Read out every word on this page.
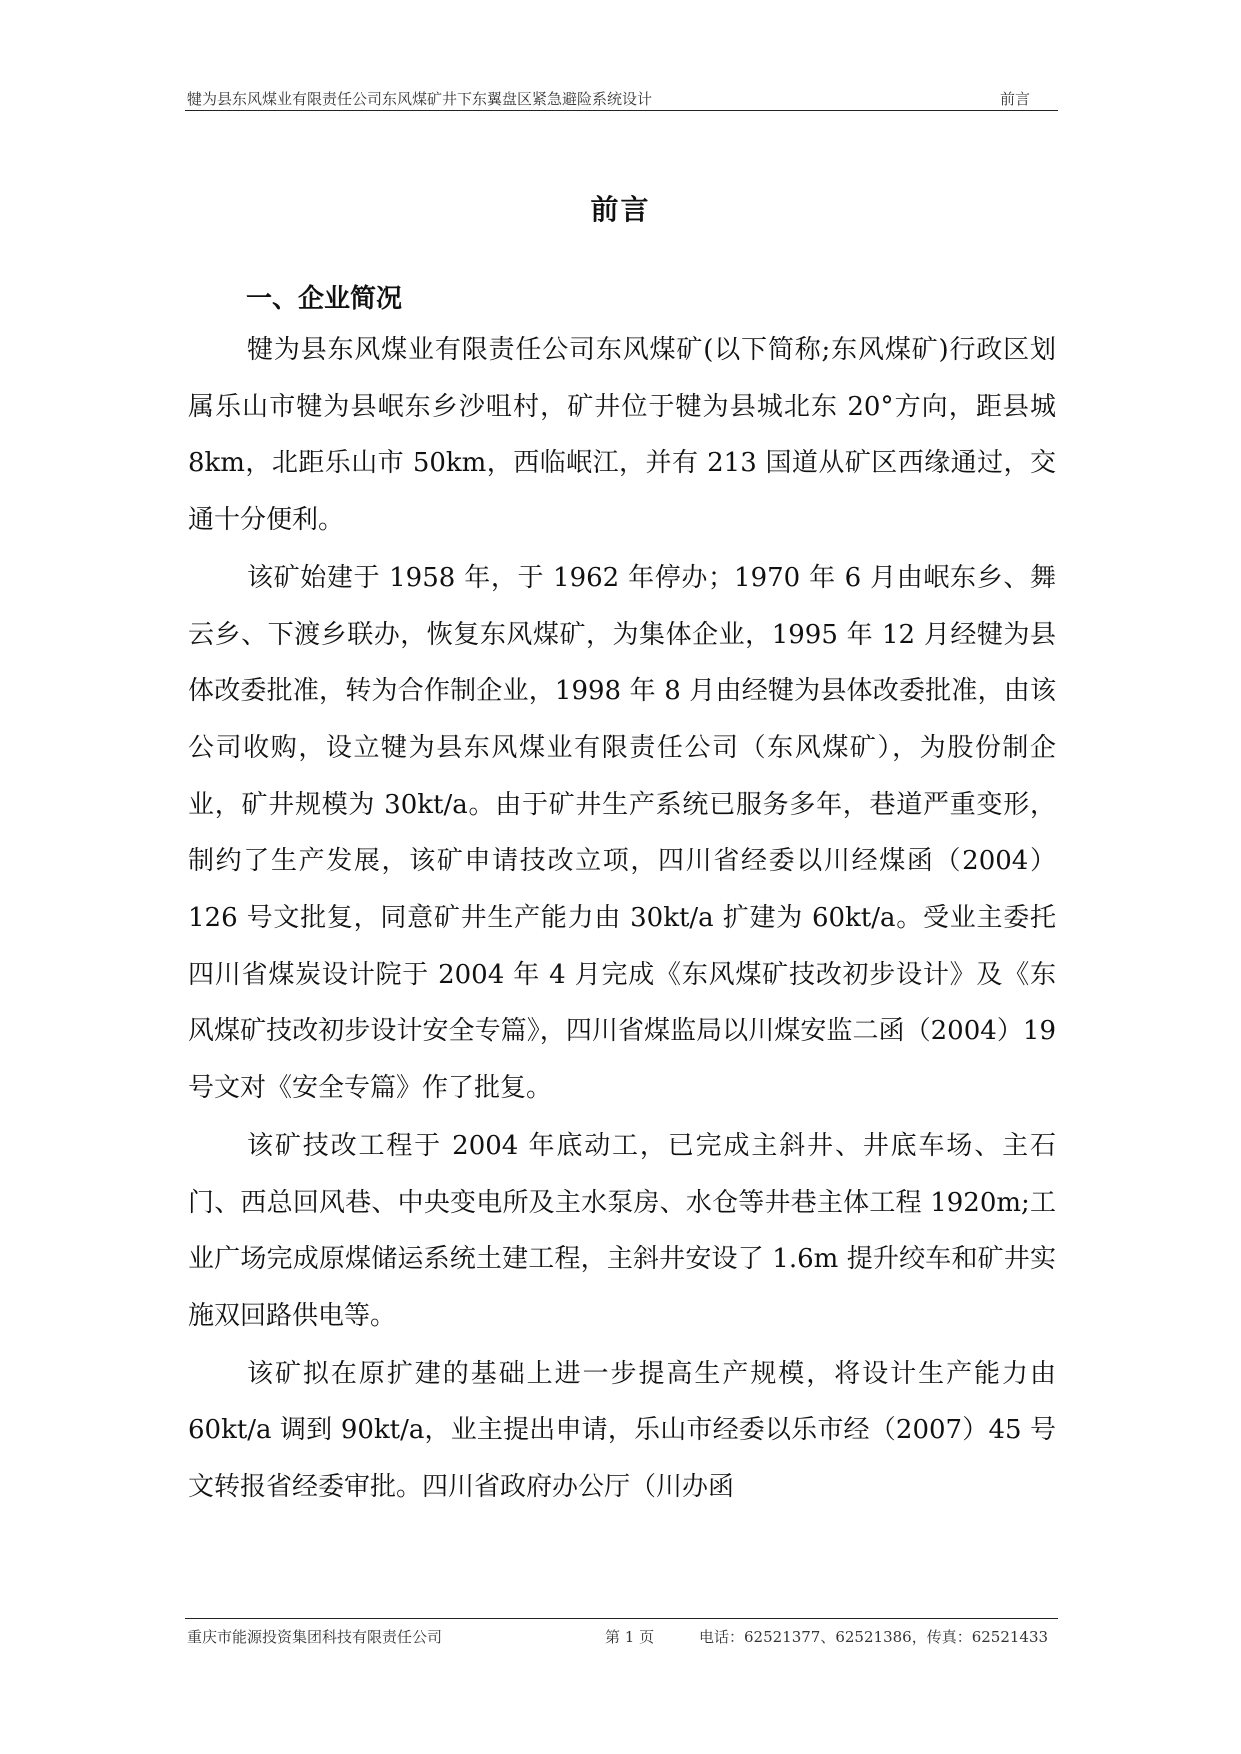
犍为县东风煤业有限责任公司东风煤矿井下东翼盘区紧急避险系统设计	前言
前言
一、企业简况

犍为县东风煤业有限责任公司东风煤矿(以下简称;东风煤矿)行政区划属乐山市犍为县岷东乡沙咀村，矿井位于犍为县城北东 20°方向，距县城 8km，北距乐山市 50km，西临岷江，并有 213 国道从矿区西缘通过，交通十分便利。

该矿始建于 1958 年，于 1962 年停办；1970 年 6 月由岷东乡、舞云乡、下渡乡联办，恢复东风煤矿，为集体企业，1995 年 12 月经犍为县体改委批准，转为合作制企业，1998 年 8 月由经犍为县体改委批准，由该公司收购，设立犍为县东风煤业有限责任公司（东风煤矿），为股份制企业，矿井规模为 30kt/a。由于矿井生产系统已服务多年，巷道严重变形，制约了生产发展，该矿申请技改立项，四川省经委以川经煤函（2004）126 号文批复，同意矿井生产能力由 30kt/a 扩建为 60kt/a。受业主委托四川省煤炭设计院于 2004 年 4 月完成《东风煤矿技改初步设计》及《东风煤矿技改初步设计安全专篇》，四川省煤监局以川煤安监二函（2004）19 号文对《安全专篇》作了批复。

该矿技改工程于 2004 年底动工，已完成主斜井、井底车场、主石门、西总回风巷、中央变电所及主水泵房、水仓等井巷主体工程 1920m;工业广场完成原煤储运系统土建工程，主斜井安设了 1.6m 提升绞车和矿井实施双回路供电等。

该矿拟在原扩建的基础上进一步提高生产规模，将设计生产能力由 60kt/a 调到 90kt/a，业主提出申请，乐山市经委以乐市经（2007）45 号文转报省经委审批。四川省政府办公厅（川办函

重庆市能源投资集团科技有限责任公司	第 1 页	电话：62521377、62521386，传真：62521433
